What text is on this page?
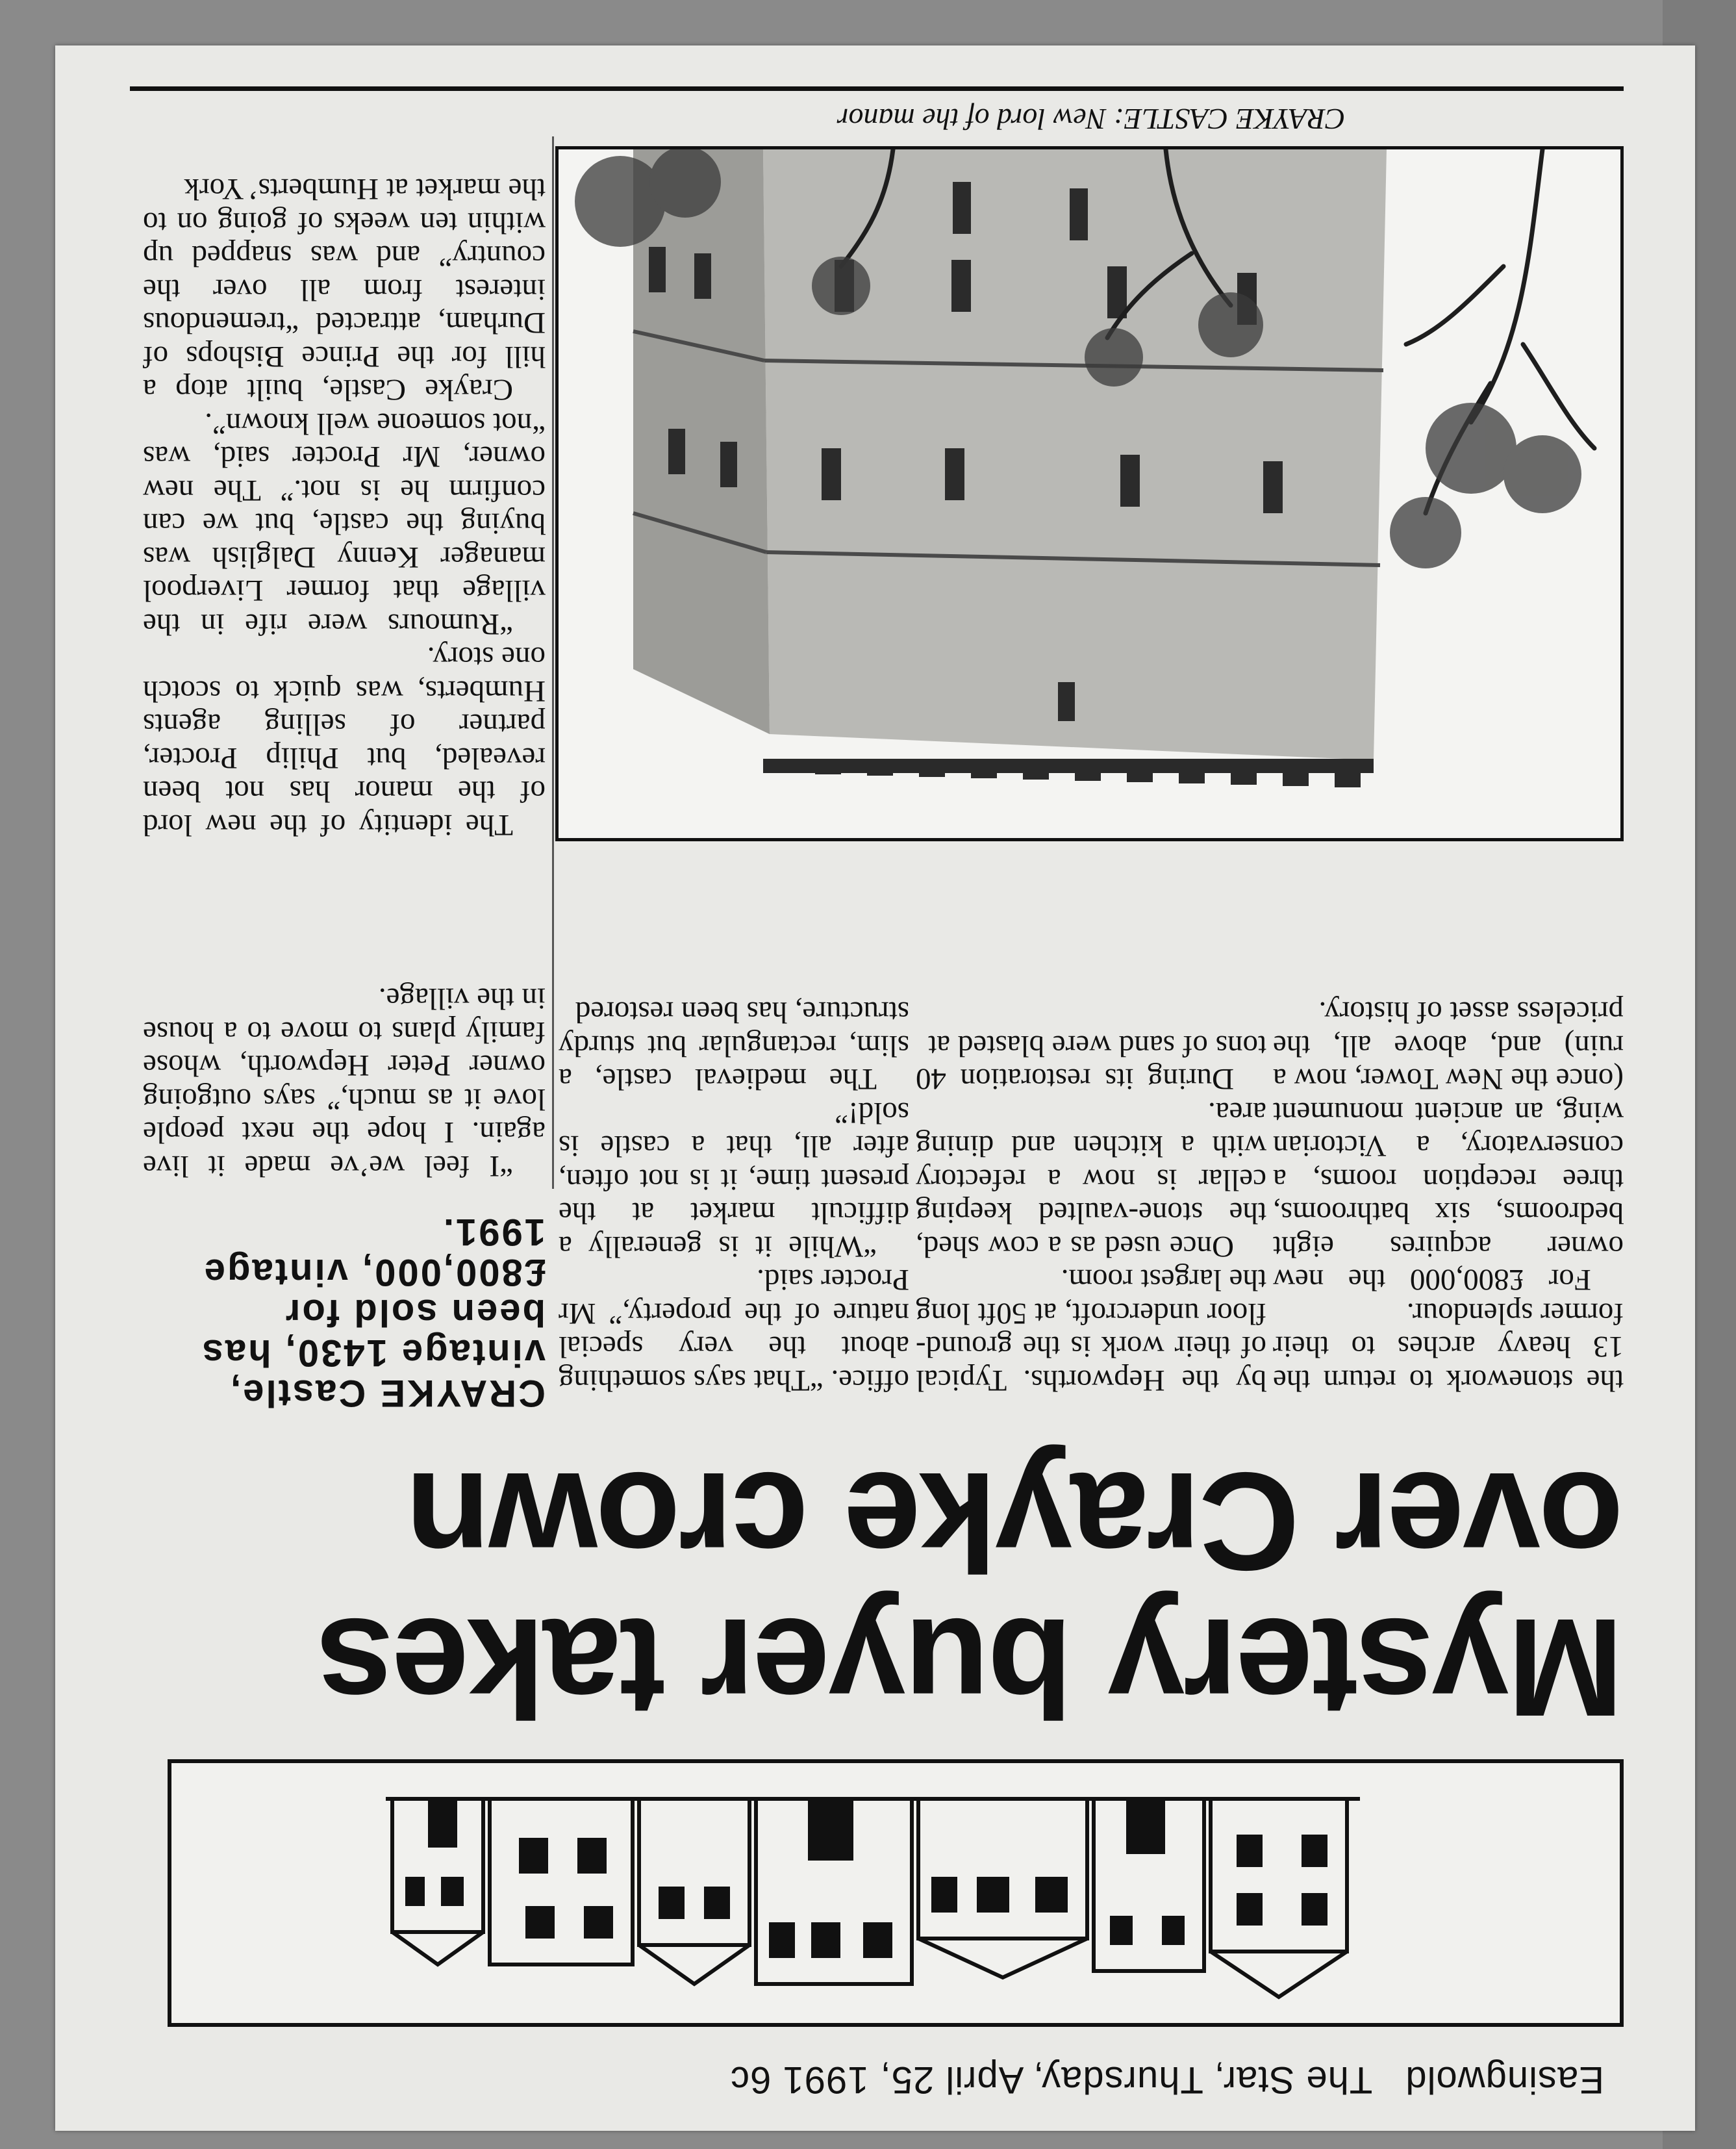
Easingwold The Star, Thursday, April 25, 1991 6c
Mystery buyer takes
over Crayke crown
CRAYKE Castle, vintage 1430, has been sold for £800,000, vintage 1991.

the stonework to return the 13 heavy arches to their former splendour.

For £800,000 the new owner acquires eight bedrooms, six bathrooms, three reception rooms, a conservatory, a Victorian wing, an ancient monument (once the New Tower, now a ruin) and, above all, the priceless asset of history.

by the Hepworths. Typical of their work is the ground-floor undercroft, at 50ft long the largest room.

Once used as a cow shed, the stone-vaulted keeping cellar is now a refectory with a kitchen and dining area.

During its restoration 40 tons of sand were blasted at

office. “That says something about the very special nature of the property,” Mr Procter said.

“While it is generally a difficult market at the present time, it is not often, after all, that a castle is sold!”

The medieval castle, a slim, rectangular but sturdy structure, has been restored

“I feel we’ve made it live again. I hope the next people love it as much,” says outgoing owner Peter Hepworth, whose family plans to move to a house in the village.

The identity of the new lord of the manor has not been revealed, but Philip Procter, partner of selling agents Humberts, was quick to scotch one story.

“Rumours were rife in the village that former Liverpool manager Kenny Dalglish was buying the castle, but we can confirm he is not.” The new owner, Mr Procter said, was “not someone well known”.

Crayke Castle, built atop a hill for the Prince Bishops of Durham, attracted “tremendous interest from all over the country” and was snapped up within ten weeks of going on to the market at Humberts’ York

CRAYKE CASTLE: New lord of the manor
